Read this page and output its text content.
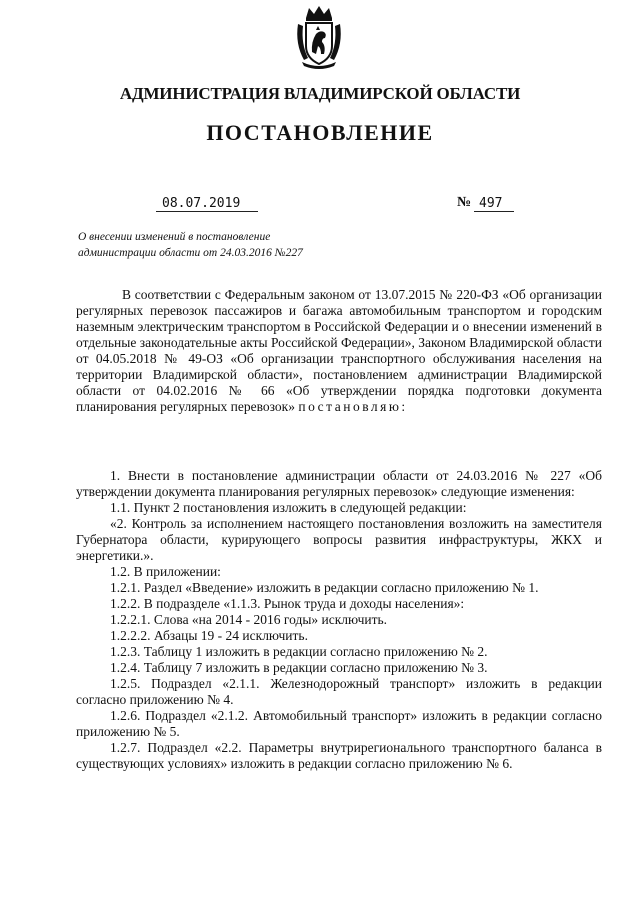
АДМИНИСТРАЦИЯ ВЛАДИМИРСКОЙ ОБЛАСТИ
ПОСТАНОВЛЕНИЕ
08.07.2019	№ 497
О внесении изменений в постановление
администрации области от 24.03.2016 №227

В соответствии с Федеральным законом от 13.07.2015 № 220-ФЗ «Об организации регулярных перевозок пассажиров и багажа автомобильным транспортом и городским наземным электрическим транспортом в Российской Федерации и о внесении изменений в отдельные законодательные акты Российской Федерации», Законом Владимирской области от 04.05.2018 № 49-ОЗ «Об организации транспортного обслуживания населения на территории Владимирской области», постановлением администрации Владимирской области от 04.02.2016 № 66 «Об утверждении порядка подготовки документа планирования регулярных перевозок» постановляю:

1. Внести в постановление администрации области от 24.03.2016 № 227 «Об утверждении документа планирования регулярных перевозок» следующие изменения:

1.1. Пункт 2 постановления изложить в следующей редакции:

«2. Контроль за исполнением настоящего постановления возложить на заместителя Губернатора области, курирующего вопросы развития инфраструктуры, ЖКХ и энергетики.».

1.2. В приложении:

1.2.1. Раздел «Введение» изложить в редакции согласно приложению № 1.

1.2.2. В подразделе «1.1.3. Рынок труда и доходы населения»:

1.2.2.1. Слова «на 2014 - 2016 годы» исключить.

1.2.2.2. Абзацы 19 - 24 исключить.

1.2.3. Таблицу 1 изложить в редакции согласно приложению № 2.

1.2.4. Таблицу 7 изложить в редакции согласно приложению № 3.

1.2.5. Подраздел «2.1.1. Железнодорожный транспорт» изложить в редакции согласно приложению № 4.

1.2.6. Подраздел «2.1.2. Автомобильный транспорт» изложить в редакции согласно приложению № 5.

1.2.7. Подраздел «2.2. Параметры внутрирегионального транспортного баланса в существующих условиях» изложить в редакции согласно приложению № 6.
